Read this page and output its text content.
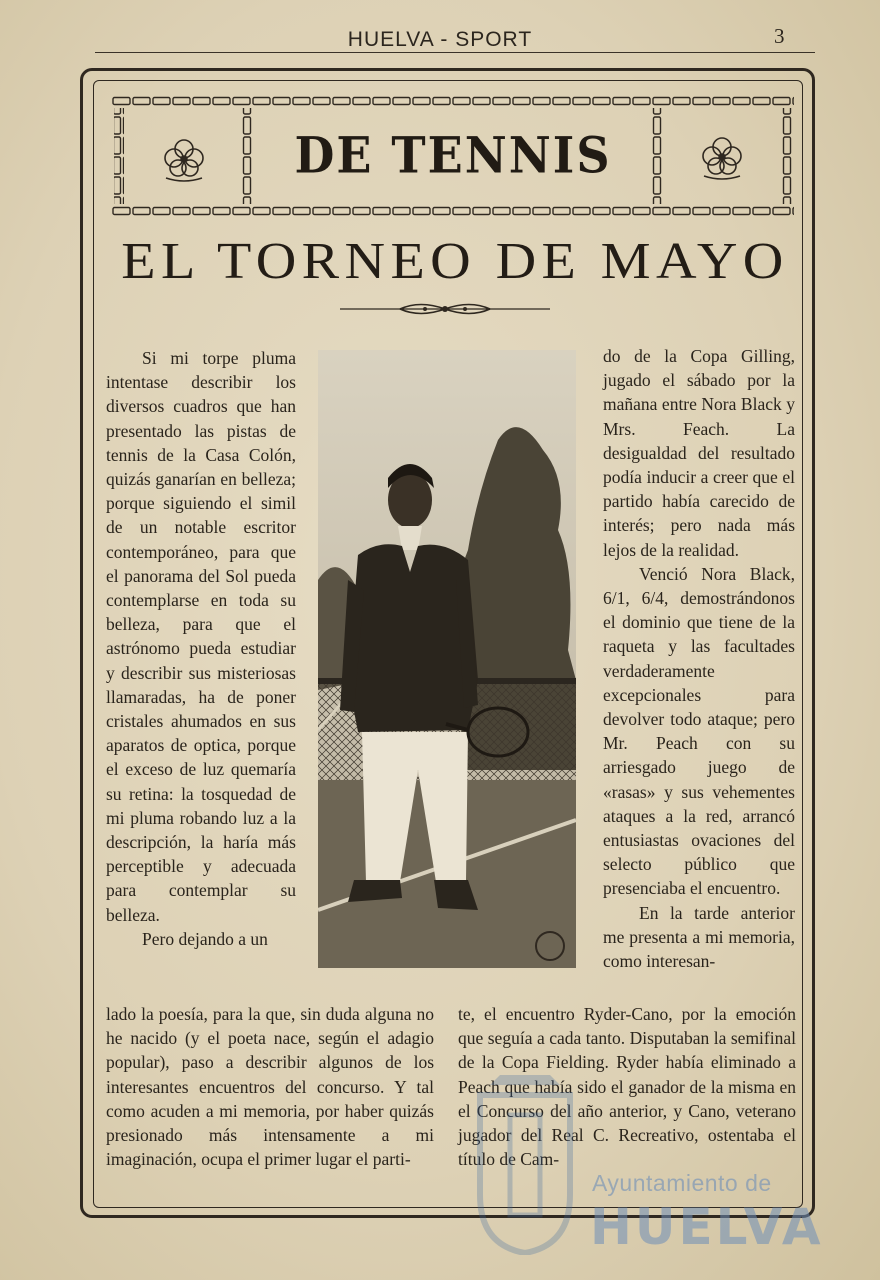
HUELVA - SPORT	3
DE TENNIS
EL TORNEO DE MAYO

Si mi torpe pluma intentase describir los diversos cuadros que han presentado las pistas de tennis de la Casa Colón, quizás ganarían en belleza; porque siguiendo el simil de un notable escritor contemporáneo, para que el panorama del Sol pueda contemplarse en toda su belleza, para que el astrónomo pueda estudiar y describir sus misteriosas llamaradas, ha de poner cristales ahumados en sus aparatos de optica, porque el exceso de luz quemaría su retina: la tosquedad de mi pluma robando luz a la descripción, la haría más perceptible y adecuada para contemplar su belleza.

Pero dejando a un

do de la Copa Gilling, jugado el sábado por la mañana entre Nora Black y Mrs. Feach. La desigualdad del resultado podía inducir a creer que el partido había carecido de interés; pero nada más lejos de la realidad.

Venció Nora Black, 6/1, 6/4, demostrándonos el dominio que tiene de la raqueta y las facultades verdaderamente excepcionales para devolver todo ataque; pero Mr. Peach con su arriesgado juego de «rasas» y sus vehementes ataques a la red, arrancó entusiastas ovaciones del selecto público que presenciaba el encuentro.

En la tarde anterior me presenta a mi memoria, como interesan-

lado la poesía, para la que, sin duda alguna no he nacido (y el poeta nace, según el adagio popular), paso a describir algunos de los interesantes encuentros del concurso. Y tal como acuden a mi memoria, por haber quizás presionado más intensamente a mi imaginación, ocupa el primer lugar el parti-

te, el encuentro Ryder-Cano, por la emoción que seguía a cada tanto. Disputaban la semifinal de la Copa Fielding. Ryder había eliminado a Peach que había sido el ganador de la misma en el Concurso del año anterior, y Cano, veterano jugador del Real C. Recreativo, ostentaba el título de Cam-

Ayuntamiento de
HUELVA
